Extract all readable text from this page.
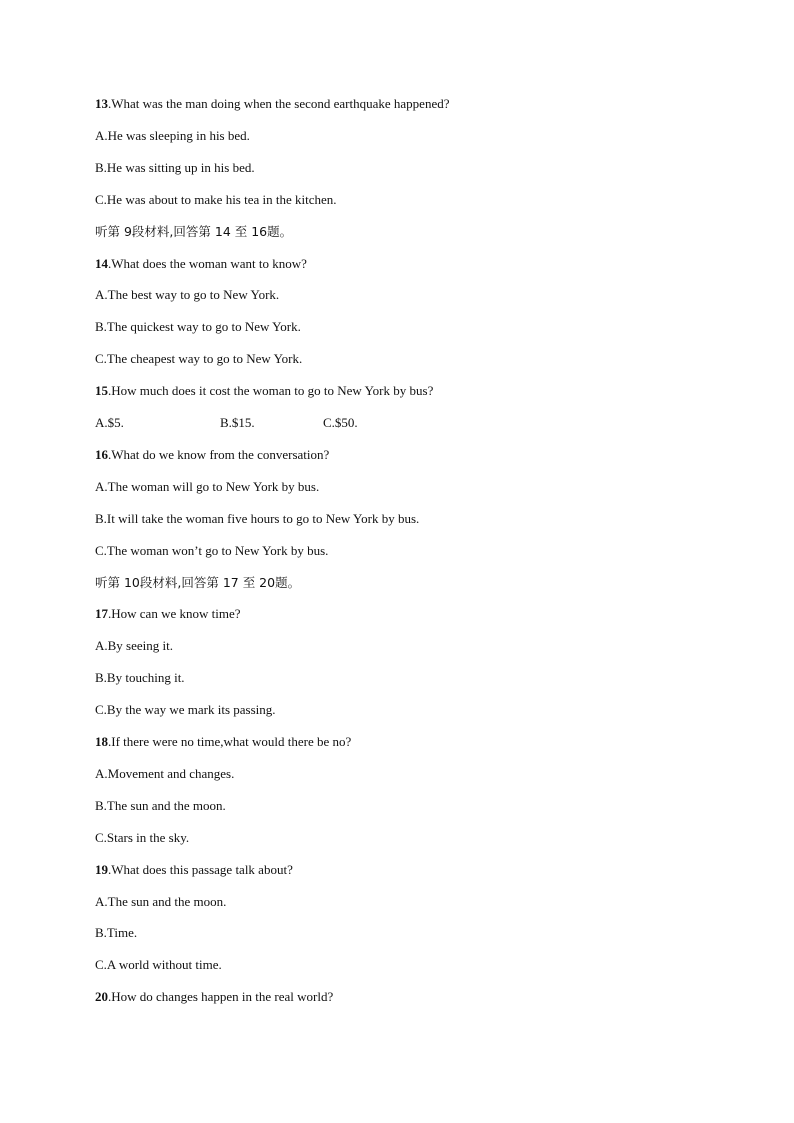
13.What was the man doing when the second earthquake happened?
A.He was sleeping in his bed.
B.He was sitting up in his bed.
C.He was about to make his tea in the kitchen.
听第 9段材料,回答第 14 至 16题。
14.What does the woman want to know?
A.The best way to go to New York.
B.The quickest way to go to New York.
C.The cheapest way to go to New York.
15.How much does it cost the woman to go to New York by bus?
A.$5.	B.$15.	C.$50.
16.What do we know from the conversation?
A.The woman will go to New York by bus.
B.It will take the woman five hours to go to New York by bus.
C.The woman won’t go to New York by bus.
听第 10段材料,回答第 17 至 20题。
17.How can we know time?
A.By seeing it.
B.By touching it.
C.By the way we mark its passing.
18.If there were no time,what would there be no?
A.Movement and changes.
B.The sun and the moon.
C.Stars in the sky.
19.What does this passage talk about?
A.The sun and the moon.
B.Time.
C.A world without time.
20.How do changes happen in the real world?
